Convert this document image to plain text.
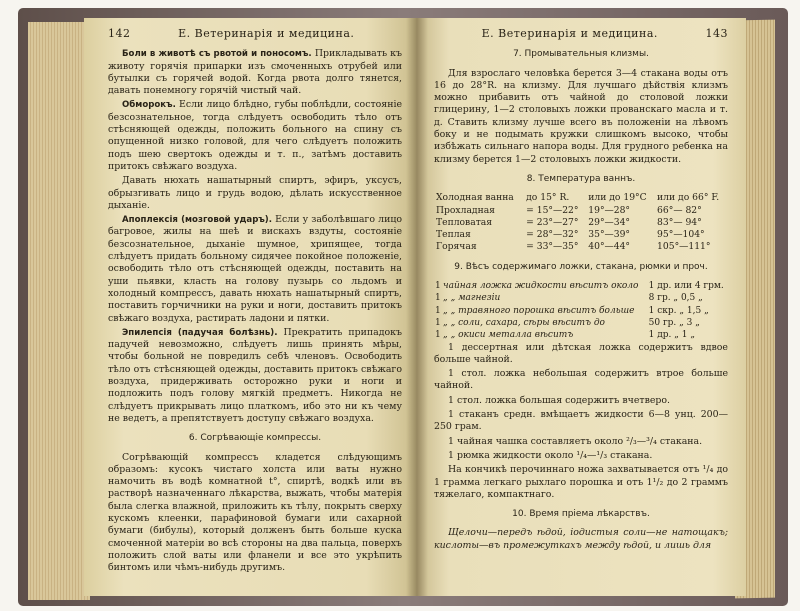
142	Е. Ветеринарія и медицина.

Боли в животѣ съ рвотой и поносомъ. Прикладывать къ животу горячія припарки изъ смоченныхъ отрубей или бутылки съ горячей водой. Когда рвота долго тянется, давать понемногу горячій чистый чай.

Обморокъ. Если лицо блѣдно, губы поблѣдли, состояніе безсознательное, тогда слѣдуетъ освободить тѣло отъ стѣсняющей одежды, положить больного на спину съ опущенной низко головой, для чего слѣдуетъ положить подъ шею свертокъ одежды и т. п., затѣмъ доставить притокъ свѣжаго воздуха.

Давать нюхать нашатырный спиртъ, эфиръ, уксусъ, обрызгивать лицо и грудь водою, дѣлать искусственное дыханіе.

Апоплексія (мозговой ударъ). Если у заболѣвшаго лицо багровое, жилы на шеѣ и вискахъ вздуты, состояніе безсознательное, дыханіе шумное, хрипящее, тогда слѣдуетъ придать больному сидячее покойное положеніе, освободить тѣло отъ стѣсняющей одежды, поставить на уши пьявки, класть на голову пузырь со льдомъ и холодный компрессъ, давать нюхать нашатырный спиртъ, поставить горчичники на руки и ноги, доставить притокъ свѣжаго воздуха, растирать ладони и пятки.

Эпилепсія (падучая болѣзнь). Прекратить припадокъ падучей невозможно, слѣдуетъ лишь принять мѣры, чтобы больной не повредилъ себѣ членовъ. Освободить тѣло отъ стѣсняющей одежды, доставить притокъ свѣжаго воздуха, придерживать осторожно руки и ноги и подложить подъ голову мягкій предметъ. Никогда не слѣдуетъ прикрывать лицо платкомъ, ибо это ни къ чему не ведетъ, а препятствуетъ доступу свѣжаго воздуха.

6. Согрѣвающіе компрессы.

Согрѣвающій компрессъ кладется слѣдующимъ образомъ: кусокъ чистаго холста или ваты нужно намочить въ водѣ комнатной t°, спиртѣ, водкѣ или въ растворѣ назначеннаго лѣкарства, выжать, чтобы матерія была слегка влажной, приложить къ тѣлу, покрыть сверху кускомъ клеенки, парафиновой бумаги или сахарной бумаги (бибулы), который долженъ быть больше куска смоченной матеріи во всѣ стороны на два пальца, поверхъ положить слой ваты или фланели и все это укрѣпить бинтомъ или чѣмъ-нибудь другимъ.

Е. Ветеринарія и медицина.	143
7. Промывательныя клизмы.

Для взрослаго человѣка берется 3—4 стакана воды отъ 16 до 28°R. на клизму. Для лучшаго дѣйствія клизмъ можно прибавить отъ чайной до столовой ложки глицерину, 1—2 столовыхъ ложки прованскаго масла и т. д. Ставить клизму лучше всего въ положеніи на лѣвомъ боку и не подымать кружки слишкомъ высоко, чтобы избѣжать сильнаго напора воды. Для грудного ребенка на клизму берется 1—2 столовыхъ ложки жидкости.

8. Температура ваннъ.
Холодная ванна	до 15° R.	или до 19°C	или до 66° F.
Прохладная	= 15°—22°	19°—28°	66°— 82°
Тепловатая	= 23°—27°	29°—34°	83°— 94°
Теплая	= 28°—32°	35°—39°	95°—104°
Горячая	= 33°—35°	40°—44°	105°—111°
9. Вѣсъ содержимаго ложки, стакана, рюмки и проч.
1	чайная ложка жидкости вѣситъ около	1 др. или 4 грм.
1	„ „ магнезіи	8 гр. „ 0,5 „
1	„ „ травяного порошка вѣситъ больше	1 скр. „ 1,5 „
1	„ „ соли, сахара, сѣры вѣситъ до	50 гр. „ 3 „
1	„ „ окиси металла вѣситъ	1 др. „ 1 „

1 дессертная или дѣтская ложка содержитъ вдвое больше чайной.

1 стол. ложка небольшая содержитъ втрое больше чайной.

1 стол. ложка большая содержитъ вчетверо.

1 стаканъ средн. вмѣщаетъ жидкости 6—8 унц. 200—250 грам.

1 чайная чашка составляетъ около ²/₃—³/₄ стакана.

1 рюмка жидкости около ¹/₄—¹/₃ стакана.

На кончикѣ перочиннаго ножа захватывается отъ ¹/₄ до 1 грамма легкаго рыхлаго порошка и отъ 1¹/₂ до 2 граммъ тяжелаго, компактнаго.

10. Время пріема лѣкарствъ.

Щелочи—передъ ѣдой, iодистыя соли—не натощакъ; кислоты—въ промежуткахъ между ѣдой, и лишь для
